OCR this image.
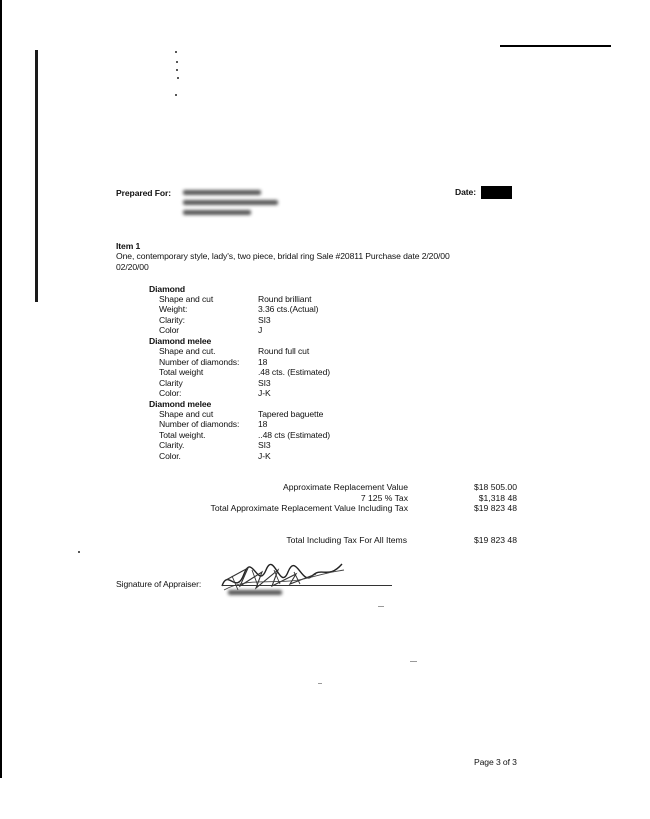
Prepared For:	Date:
Item 1
One, contemporary style, lady's, two piece, bridal ring Sale #20811 Purchase date 2/20/00
02/20/00
Diamond
Shape and cut	Round brilliant
Weight:	3.36 cts.(Actual)
Clarity:	SI3
Color	J
Diamond melee
Shape and cut.	Round full cut
Number of diamonds: 18
Total weight	.48 cts. (Estimated)
Clarity	SI3
Color:	J-K
Diamond melee
Shape and cut	Tapered baguette
Number of diamonds: 18
Total weight.	..48 cts (Estimated)
Clarity.	SI3
Color.	J-K
Approximate Replacement Value	$18 505.00
7 125 % Tax	$1,318 48
Total Approximate Replacement Value Including Tax	$19 823 48
Total Including Tax For All Items	$19 823 48
Signature of Appraiser:
Page 3 of 3
